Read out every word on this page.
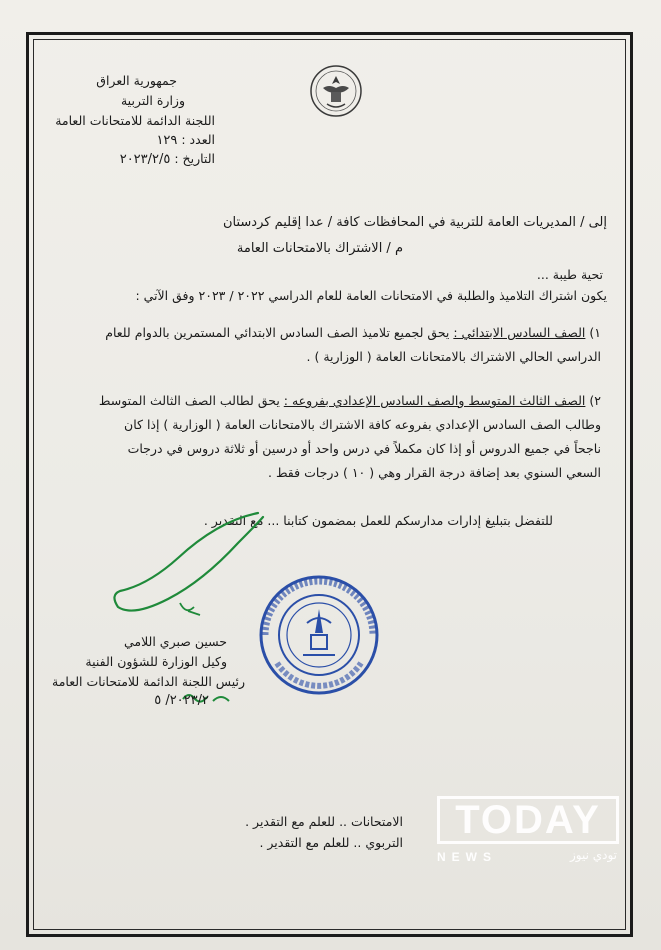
جمهورية العراق
وزارة التربية
اللجنة الدائمة للامتحانات العامة
العدد : ١٢٩
التاريخ : ٢٠٢٣/٢/٥
إلى / المديريات العامة للتربية في المحافظات كافة / عدا إقليم كردستان
م / الاشتراك بالامتحانات العامة
تحية طيبة ...
يكون اشتراك التلاميذ والطلبة في الامتحانات العامة للعام الدراسي ٢٠٢٢ / ٢٠٢٣ وفق الآتي :
١) الصف السادس الابتدائي : يحق لجميع تلاميذ الصف السادس الابتدائي المستمرين بالدوام للعام
الدراسي الحالي الاشتراك بالامتحانات العامة ( الوزارية ) .
٢) الصف الثالث المتوسط والصف السادس الإعدادي بفروعه : يحق لطالب الصف الثالث المتوسط
وطالب الصف السادس الإعدادي بفروعه كافة الاشتراك بالامتحانات العامة ( الوزارية ) إذا كان
ناجحاً في جميع الدروس أو إذا كان مكملاً في درس واحد أو درسين أو ثلاثة دروس في درجات
السعي السنوي بعد إضافة درجة القرار وهي ( ١٠ ) درجات فقط .
للتفضل بتبليغ إدارات مدارسكم للعمل بمضمون كتابنا ... مع التقدير .
حسين صبري اللامي
وكيل الوزارة للشؤون الفنية
رئيس اللجنة الدائمة للامتحانات العامة
٢٠٢٣/٢/ ٥
الامتحانات .. للعلم مع التقدير .
التربوي .. للعلم مع التقدير .
TODAY
NEWS	تودي نيوز
